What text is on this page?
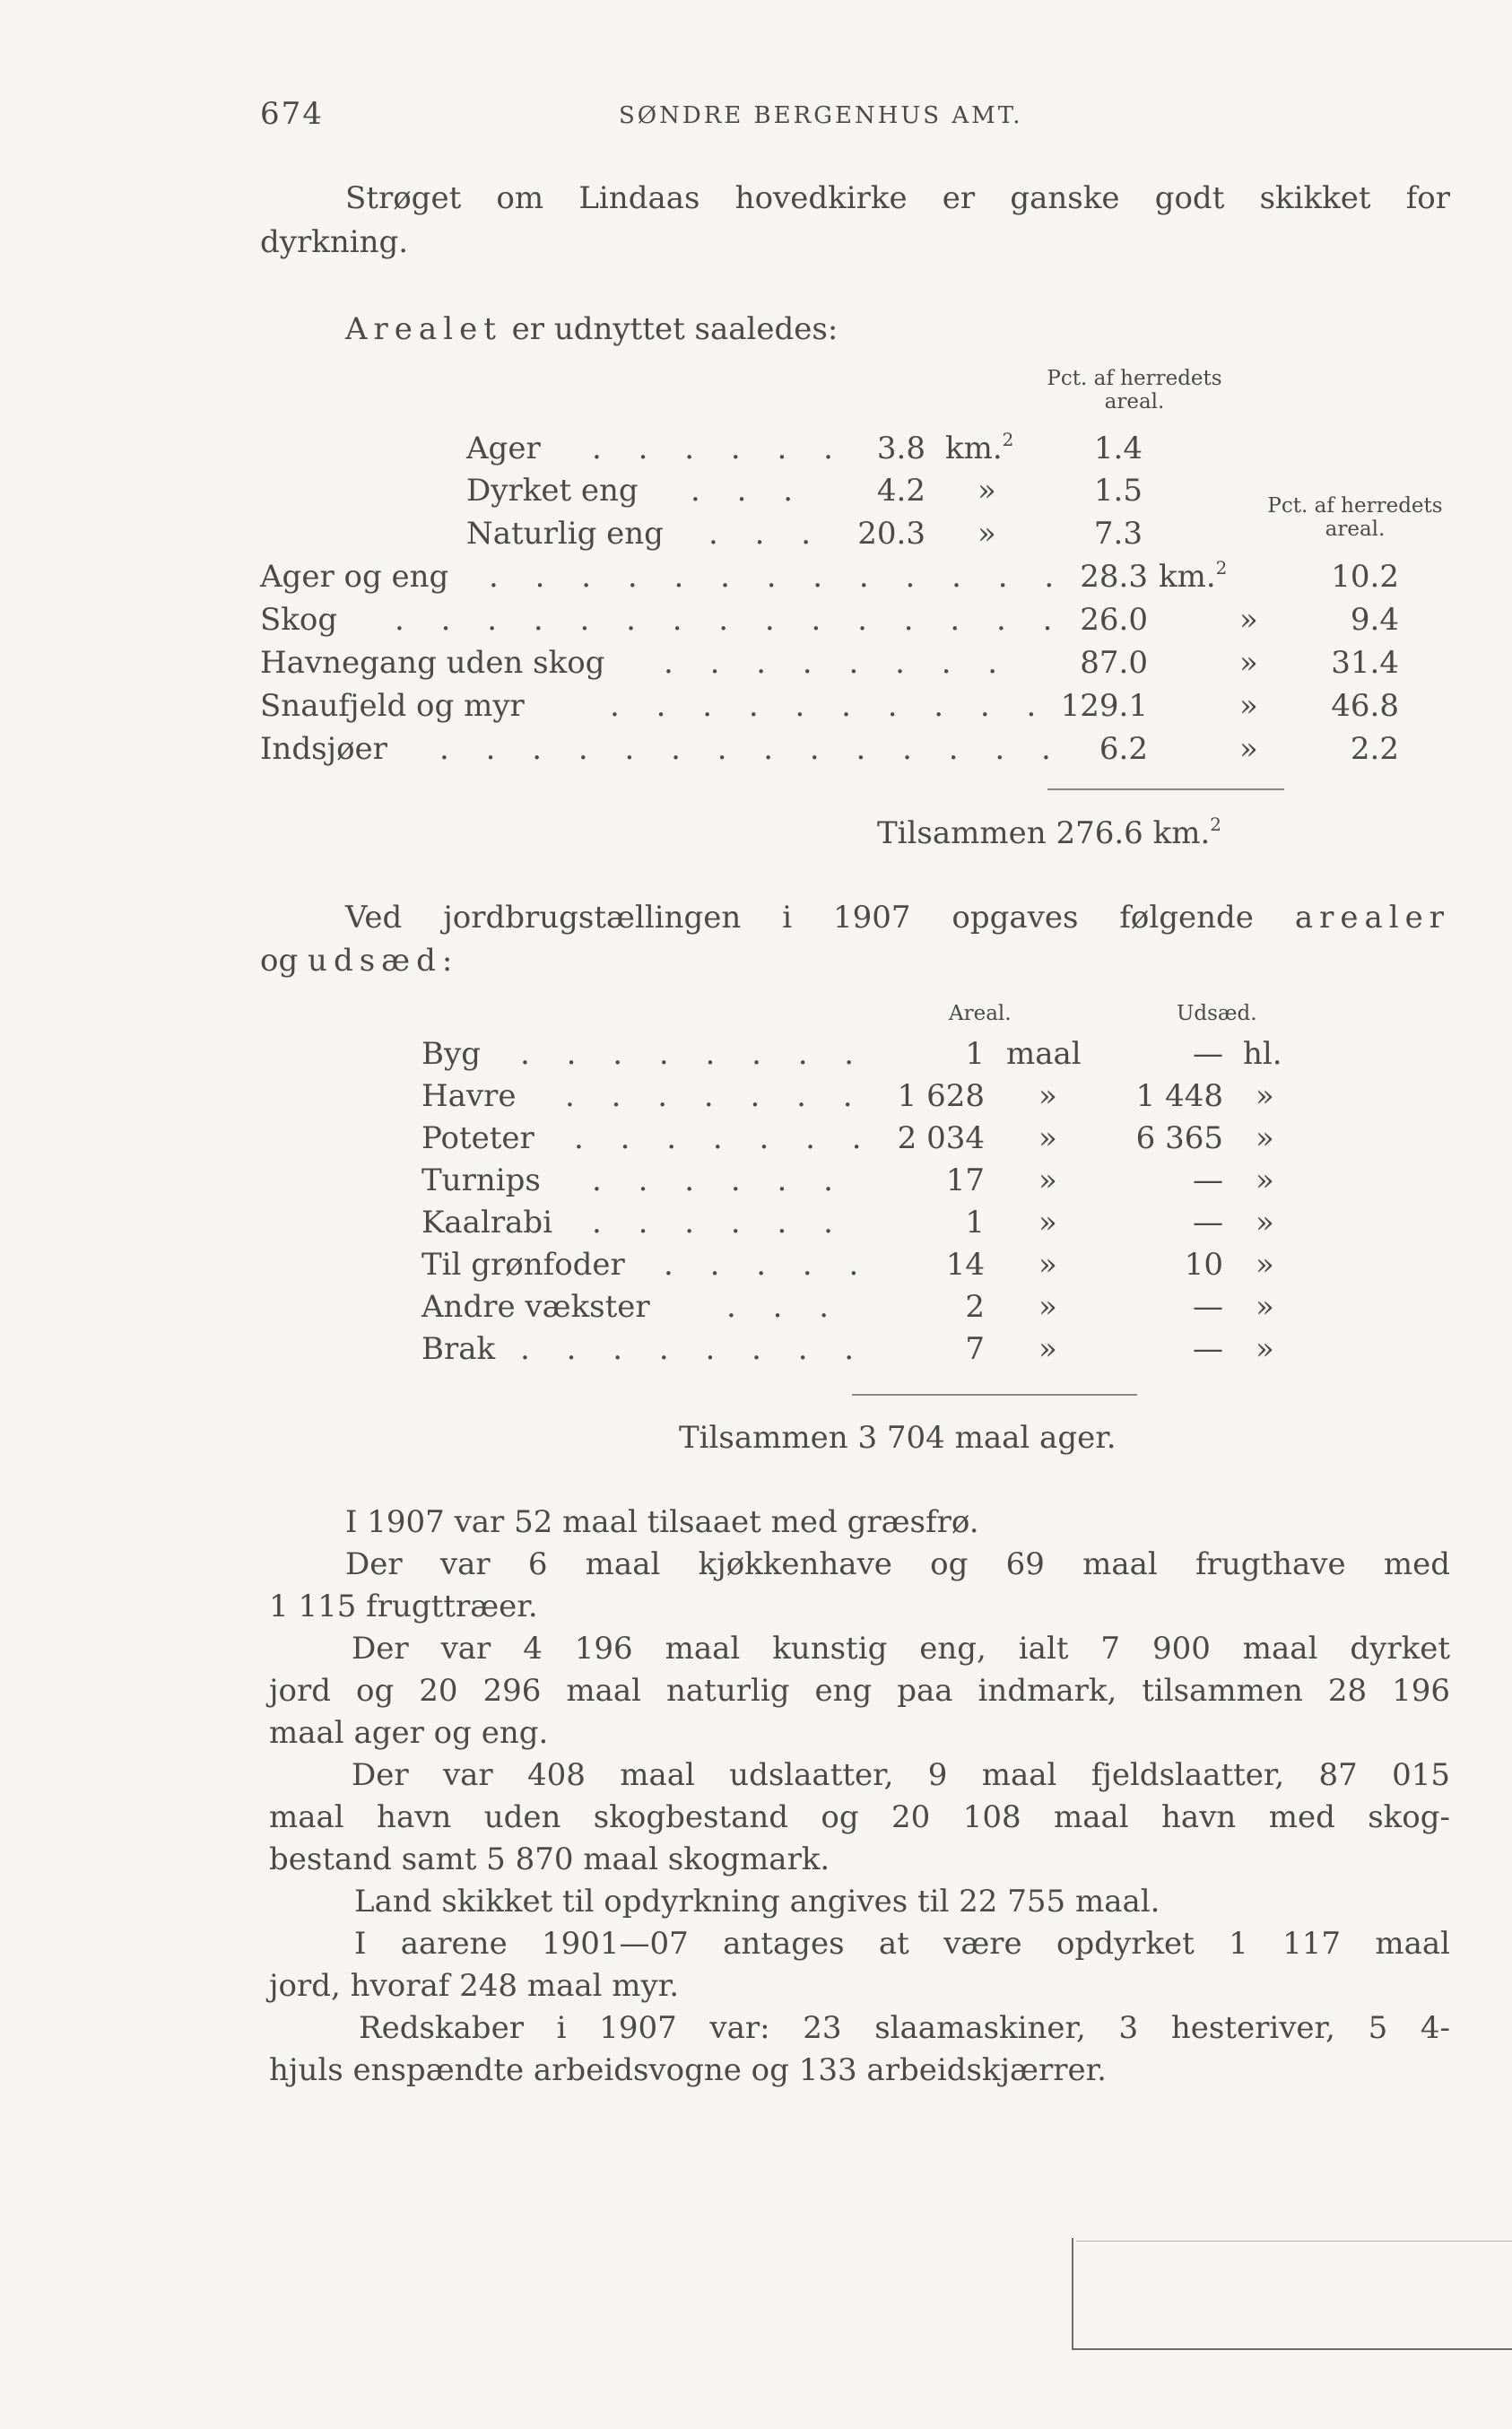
674	SØNDRE BERGENHUS AMT.
Strøget om Lindaas hovedkirke er ganske godt skikket for
dyrkning.
Arealet er udnyttet saaledes:
Pct. af herredets areal.
Pct. af herredets areal.
Ager . . . . . .	3.8 km.$^2$	1.4
Dyrket eng . . .	4.2 »	1.5
Naturlig eng . . .	20.3 »	7.3
Ager og eng . . . . . . . . . . . . . 28.3 km.$^2$	10.2
Skog . . . . . . . . . . . . . . . 26.0	»	9.4
Havnegang uden skog . . . . . . . .	87.0	»	31.4
Snaufjeld og myr	. . . . . . . . . . 129.1	»	46.8
Indsjøer . . . . . . . . . . . . . .	6.2	»	2.2
Tilsammen 276.6 km.$^2$
Ved jordbrugstællingen i 1907 opgaves følgende arealer
og udsæd:
Areal.	Udsæd.
Byg . . . . . . . .	1 maal	— hl.
Havre . . . . . . .	1 628 »	1 448 »
Poteter . . . . . . . 2 034 »	6 365 »
Turnips . . . . . .	17 »	— »
Kaalrabi . . . . . .	1 »	— »
Til grønfoder . . . . .	14 »	10 »
Andre vækster	. . .	2 »	— »
Brak . . . . . . . .	7 »	— »
Tilsammen 3 704 maal ager.
I 1907 var 52 maal tilsaaet med græsfrø.
Der var 6 maal kjøkkenhave og 69 maal frugthave med
1 115 frugttræer.
Der var 4 196 maal kunstig eng, ialt 7 900 maal dyrket
jord og 20 296 maal naturlig eng paa indmark, tilsammen 28 196
maal ager og eng.
Der var 408 maal udslaatter, 9 maal fjeldslaatter, 87 015
maal havn uden skogbestand og 20 108 maal havn med skog-
bestand samt 5 870 maal skogmark.
Land skikket til opdyrkning angives til 22 755 maal.
I aarene 1901—07 antages at være opdyrket 1 117 maal
jord, hvoraf 248 maal myr.
Redskaber i 1907 var: 23 slaamaskiner, 3 hesteriver, 5 4-
hjuls enspændte arbeidsvogne og 133 arbeidskjærrer.
